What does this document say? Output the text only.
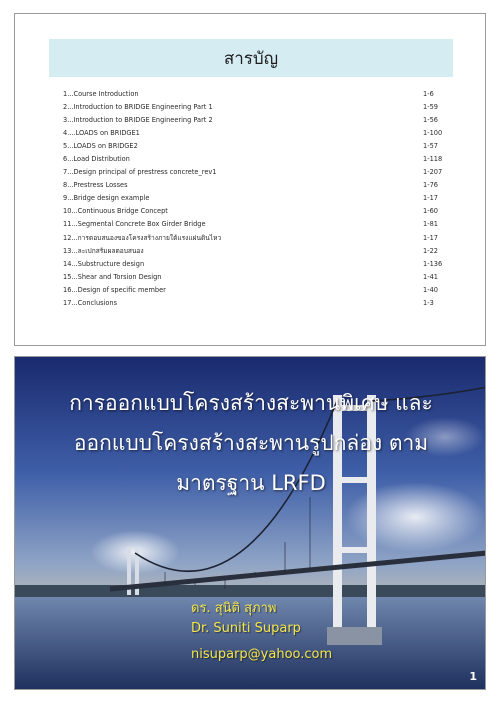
สารบัญ
1...Course Introduction	1-6
2...Introduction to BRIDGE Engineering Part 1	1-59
3...Introduction to BRIDGE Engineering Part 2	1-56
4....LOADS on BRIDGE1	1-100
5...LOADS on BRIDGE2	1-57
6...Load Distribution	1-118
7...Design principal of prestress concrete_rev1	1-207
8...Prestress Losses	1-76
9...Bridge design example	1-17
10...Continuous Bridge Concept	1-60
11...Segmental Concrete Box Girder Bridge	1-81
12...การตอบสนองของโครงสร้างภายใต้แรงแผ่นดินไหว	1-17
13...ละเปกสร้มผลตอบสนอง	1-22
14...Substructure design	1-136
15...Shear and Torsion Design	1-41
16...Design of specific member	1-40
17...Conclusions	1-3
การออกแบบโครงสร้างสะพานพิเศษ และ
ออกแบบโครงสร้างสะพานรูปกล่อง ตาม
มาตรฐาน LRFD
ดร. สุนิติ สุภาพ
Dr. Suniti Suparp
nisuparp@yahoo.com
1
